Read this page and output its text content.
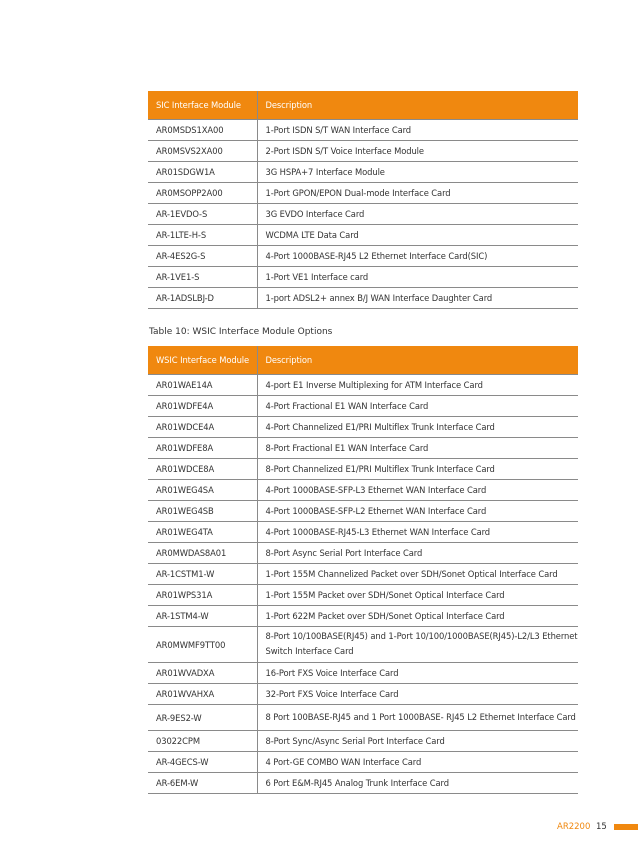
SIC Interface Module	Description
AR0MSDS1XA00	1-Port ISDN S/T WAN Interface Card
AR0MSVS2XA00	2-Port ISDN S/T Voice Interface Module
AR01SDGW1A	3G HSPA+7 Interface Module
AR0MSOPP2A00	1-Port GPON/EPON Dual-mode Interface Card
AR-1EVDO-S	3G EVDO Interface Card
AR-1LTE-H-S	WCDMA LTE Data Card
AR-4ES2G-S	4-Port 1000BASE-RJ45 L2 Ethernet Interface Card(SIC)
AR-1VE1-S	1-Port VE1 Interface card
AR-1ADSLBJ-D	1-port ADSL2+ annex B/J WAN Interface Daughter Card

Table 10: WSIC Interface Module Options

WSIC Interface Module	Description
AR01WAE14A	4-port E1 Inverse Multiplexing for ATM Interface Card
AR01WDFE4A	4-Port Fractional E1 WAN Interface Card
AR01WDCE4A	4-Port Channelized E1/PRI Multiflex Trunk Interface Card
AR01WDFE8A	8-Port Fractional E1 WAN Interface Card
AR01WDCE8A	8-Port Channelized E1/PRI Multiflex Trunk Interface Card
AR01WEG4SA	4-Port 1000BASE-SFP-L3 Ethernet WAN Interface Card
AR01WEG4SB	4-Port 1000BASE-SFP-L2 Ethernet WAN Interface Card
AR01WEG4TA	4-Port 1000BASE-RJ45-L3 Ethernet WAN Interface Card
AR0MWDAS8A01	8-Port Async Serial Port Interface Card
AR-1CSTM1-W	1-Port 155M Channelized Packet over SDH/Sonet Optical Interface Card
AR01WPS31A	1-Port 155M Packet over SDH/Sonet Optical Interface Card
AR-1STM4-W	1-Port 622M Packet over SDH/Sonet Optical Interface Card
AR0MWMF9TT00	8-Port 10/100BASE(RJ45) and 1-Port 10/100/1000BASE(RJ45)-L2/L3 Ethernet Switch Interface Card
AR01WVADXA	16-Port FXS Voice Interface Card
AR01WVAHXA	32-Port FXS Voice Interface Card
AR-9ES2-W	8 Port 100BASE-RJ45 and 1 Port 1000BASE- RJ45 L2 Ethernet Interface Card
03022CPM	8-Port Sync/Async Serial Port Interface Card
AR-4GECS-W	4 Port-GE COMBO WAN Interface Card
AR-6EM-W	6 Port E&M-RJ45 Analog Trunk Interface Card
AR2200 15
